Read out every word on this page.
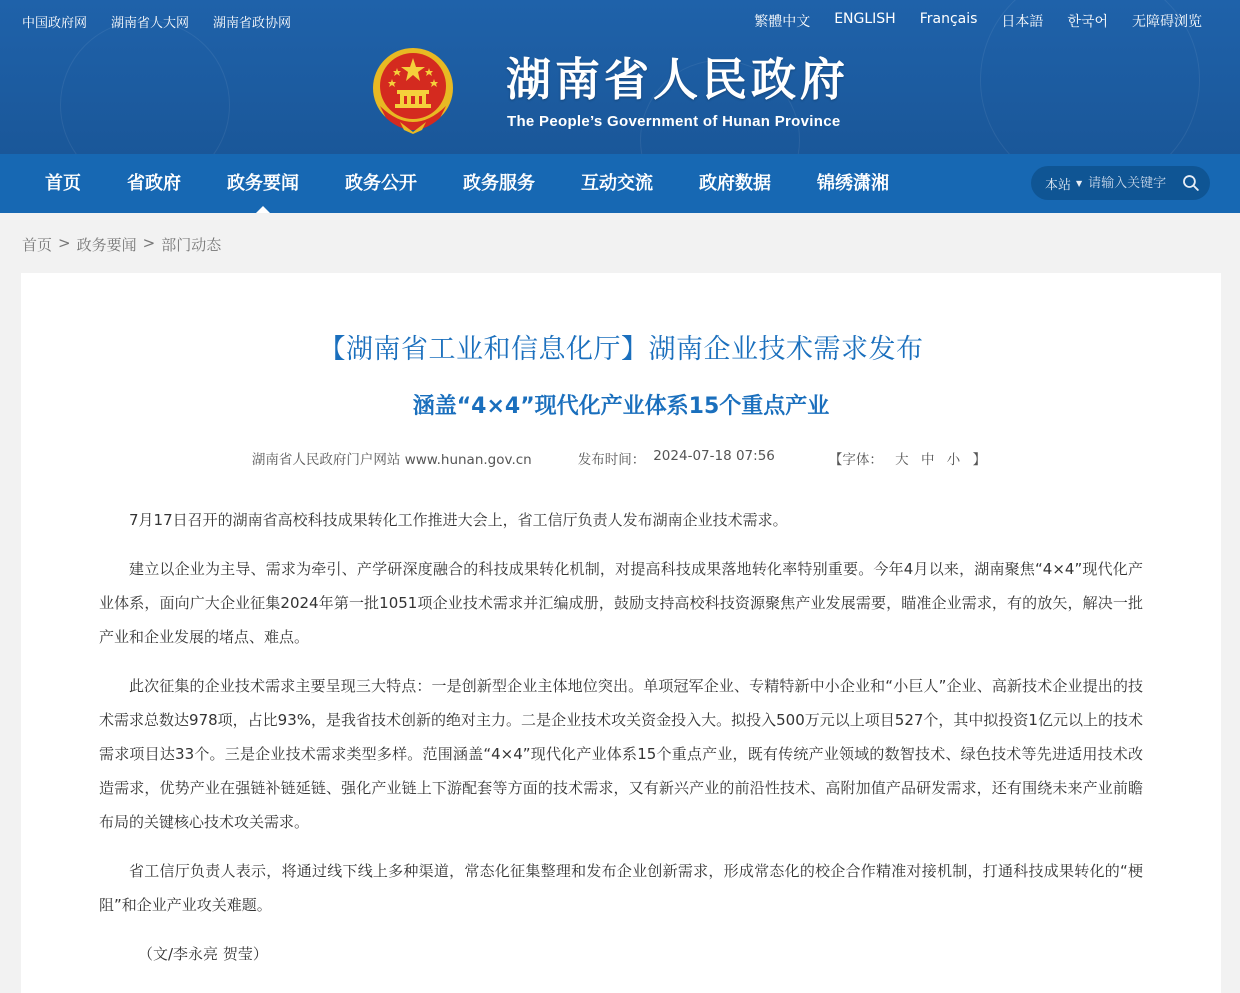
中国政府网 湖南省人大网 湖南省政协网	繁體中文 ENGLISH Français 日本語 한국어 无障碍浏览
湖南省人民政府
The People’s Government of Hunan Province
首页	省政府	政务要闻	政务公开	政务服务	互动交流	政府数据	锦绣潇湘	本站 ▼
请输入关键字
首页 > 政务要闻 > 部门动态
【湖南省工业和信息化厅】湖南企业技术需求发布
涵盖“4×4”现代化产业体系15个重点产业
湖南省人民政府门户网站 www.hunan.gov.cn	发布时间： 2024-07-18 07:56	【字体： 大 中 小 】

7月17日召开的湖南省高校科技成果转化工作推进大会上，省工信厅负责人发布湖南企业技术需求。

建立以企业为主导、需求为牵引、产学研深度融合的科技成果转化机制，对提高科技成果落地转化率特别重要。今年4月以来，湖南聚焦“4×4”现代化产业体系，面向广大企业征集2024年第一批1051项企业技术需求并汇编成册，鼓励支持高校科技资源聚焦产业发展需要，瞄准企业需求，有的放矢，解决一批产业和企业发展的堵点、难点。

此次征集的企业技术需求主要呈现三大特点：一是创新型企业主体地位突出。单项冠军企业、专精特新中小企业和“小巨人”企业、高新技术企业提出的技术需求总数达978项，占比93%，是我省技术创新的绝对主力。二是企业技术攻关资金投入大。拟投入500万元以上项目527个，其中拟投资1亿元以上的技术需求项目达33个。三是企业技术需求类型多样。范围涵盖“4×4”现代化产业体系15个重点产业，既有传统产业领域的数智技术、绿色技术等先进适用技术改造需求，优势产业在强链补链延链、强化产业链上下游配套等方面的技术需求，又有新兴产业的前沿性技术、高附加值产品研发需求，还有围绕未来产业前瞻布局的关键核心技术攻关需求。

省工信厅负责人表示，将通过线下线上多种渠道，常态化征集整理和发布企业创新需求，形成常态化的校企合作精准对接机制，打通科技成果转化的“梗阻”和企业产业攻关难题。

（文/李永亮 贺莹）
